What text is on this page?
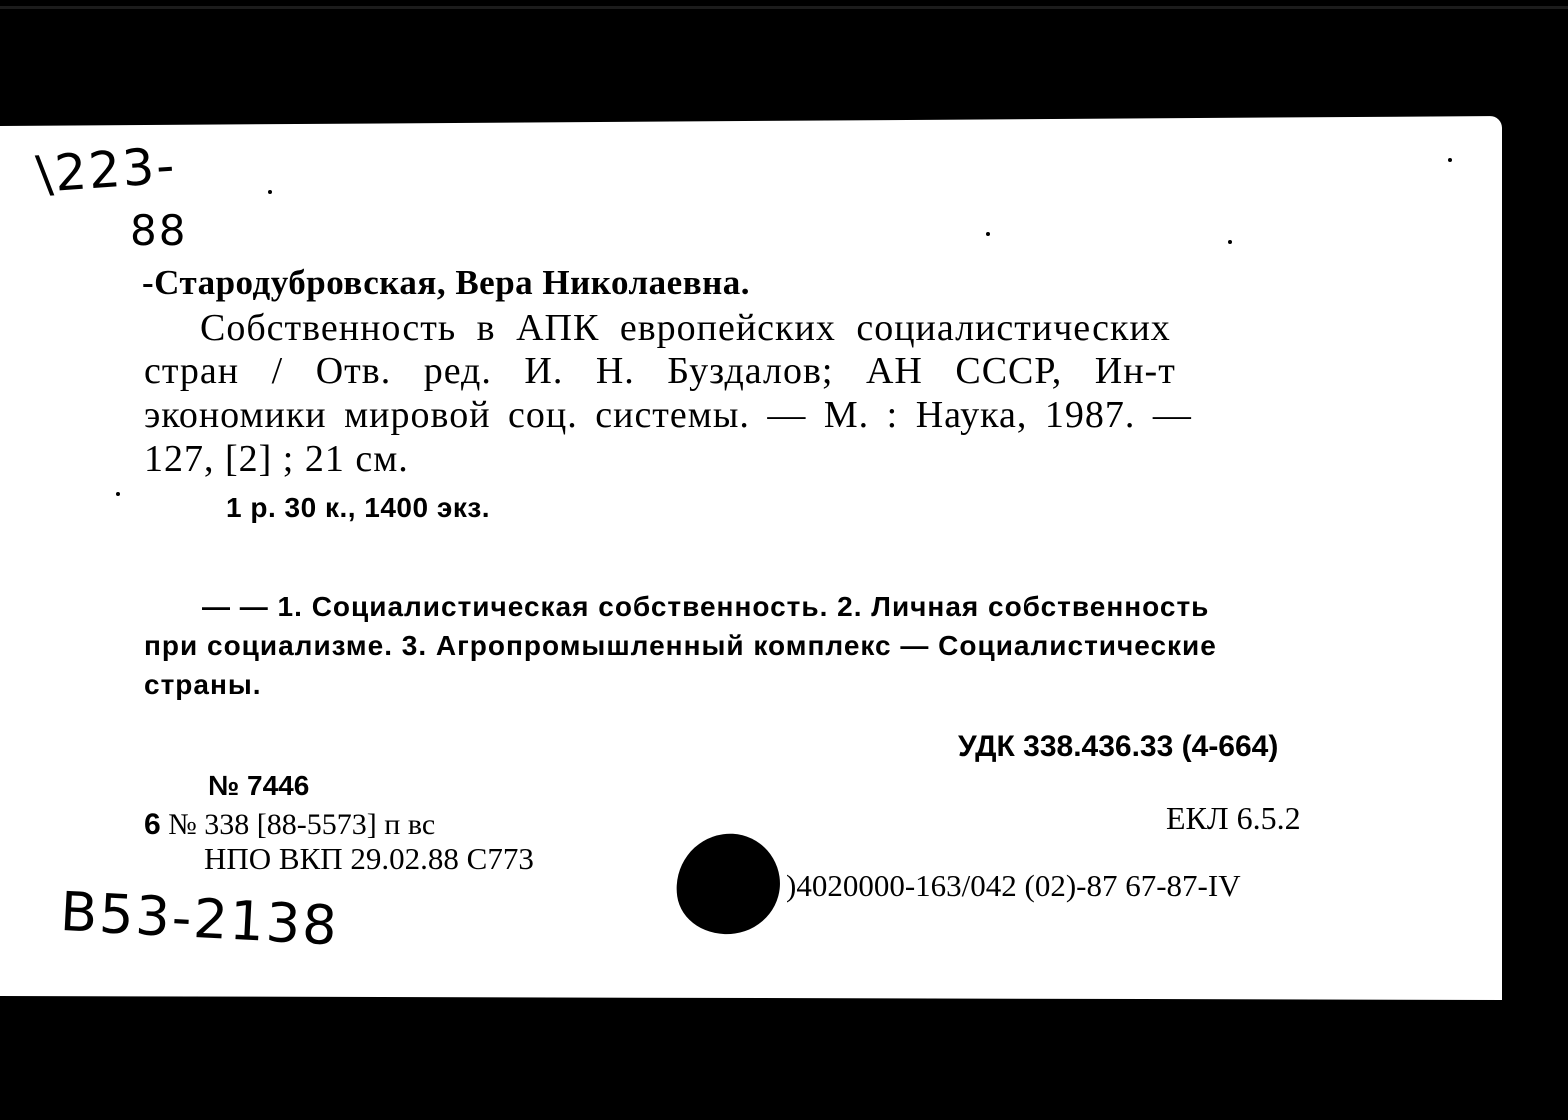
\223-
88
-Стародубровская, Вера Николаевна.
Собственность в АПК европейских социалистических
стран / Отв. ред. И. Н. Буздалов; АН СССР, Ин-т
экономики мировой соц. системы. — М. : Наука, 1987. —
127, [2] ; 21 см.
1 р. 30 к., 1400 экз.
— — 1. Социалистическая собственность. 2. Личная собственность
при социализме. 3. Агропромышленный комплекс — Социалистические
страны.
УДК 338.436.33 (4-664)
№ 7446
6 № 338 [88-5573] п вс	ЕКЛ 6.5.2
НПО ВКП 29.02.88 С773
)4020000-163/042 (02)-87 67-87-IV
B53-2138
